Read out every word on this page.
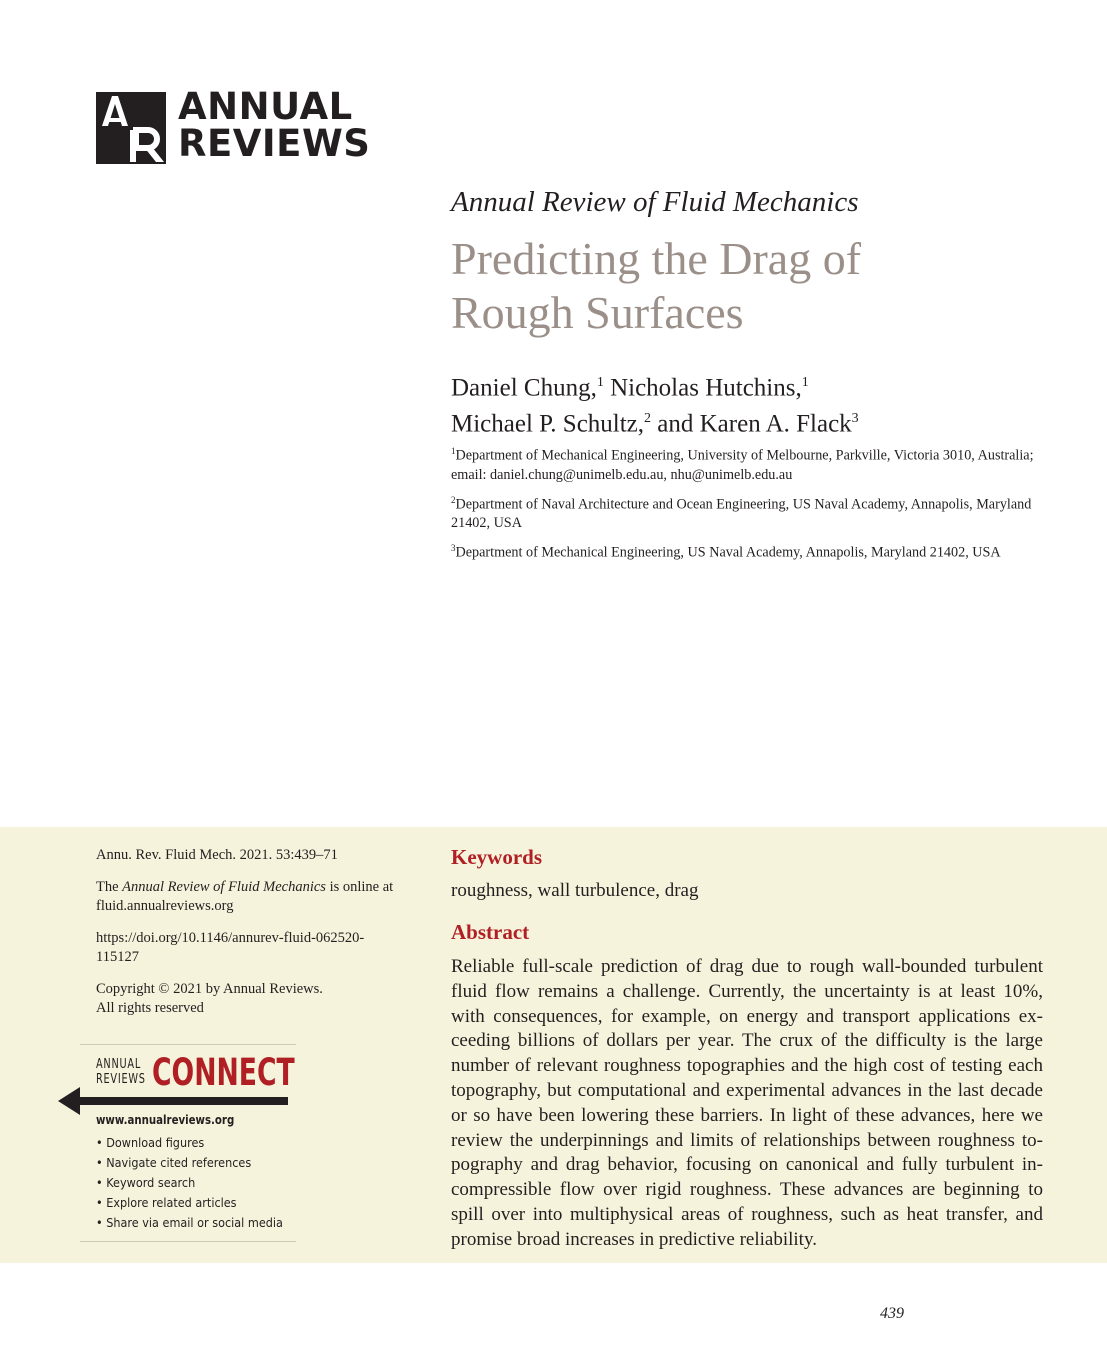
ANNUAL
REVIEWS
Annual Review of Fluid Mechanics
Predicting the Drag of
Rough Surfaces
Daniel Chung,$^1$ Nicholas Hutchins,$^1$
Michael P. Schultz,$^2$ and Karen A. Flack$^3$

$^1$Department of Mechanical Engineering, University of Melbourne, Parkville, Victoria 3010, Australia; email: daniel.chung@unimelb.edu.au, nhu@unimelb.edu.au

$^2$Department of Naval Architecture and Ocean Engineering, US Naval Academy, Annapolis, Maryland 21402, USA

$^3$Department of Mechanical Engineering, US Naval Academy, Annapolis, Maryland 21402, USA

Annu. Rev. Fluid Mech. 2021. 53:439–71

The Annual Review of Fluid Mechanics is online at fluid.annualreviews.org

https://doi.org/10.1146/annurev-fluid-062520-115127

Copyright © 2021 by Annual Reviews.
All rights reserved

ANNUAL
REVIEWS CONNECT
www.annualreviews.org
• Download figures
• Navigate cited references
• Keyword search
• Explore related articles
• Share via email or social media
Keywords
roughness, wall turbulence, drag
Abstract

Reliable full-scale prediction of drag due to rough wall-bounded turbulent fluid flow remains a challenge. Currently, the uncertainty is at least 10%, with consequences, for example, on energy and transport applications exceeding billions of dollars per year. The crux of the difficulty is the large number of relevant roughness topographies and the high cost of testing each topography, but computational and experimental advances in the last decade or so have been lowering these barriers. In light of these advances, here we review the underpinnings and limits of relationships between roughness topography and drag behavior, focusing on canonical and fully turbulent incompressible flow over rigid roughness. These advances are beginning to spill over into multiphysical areas of roughness, such as heat transfer, and promise broad increases in predictive reliability.

439
